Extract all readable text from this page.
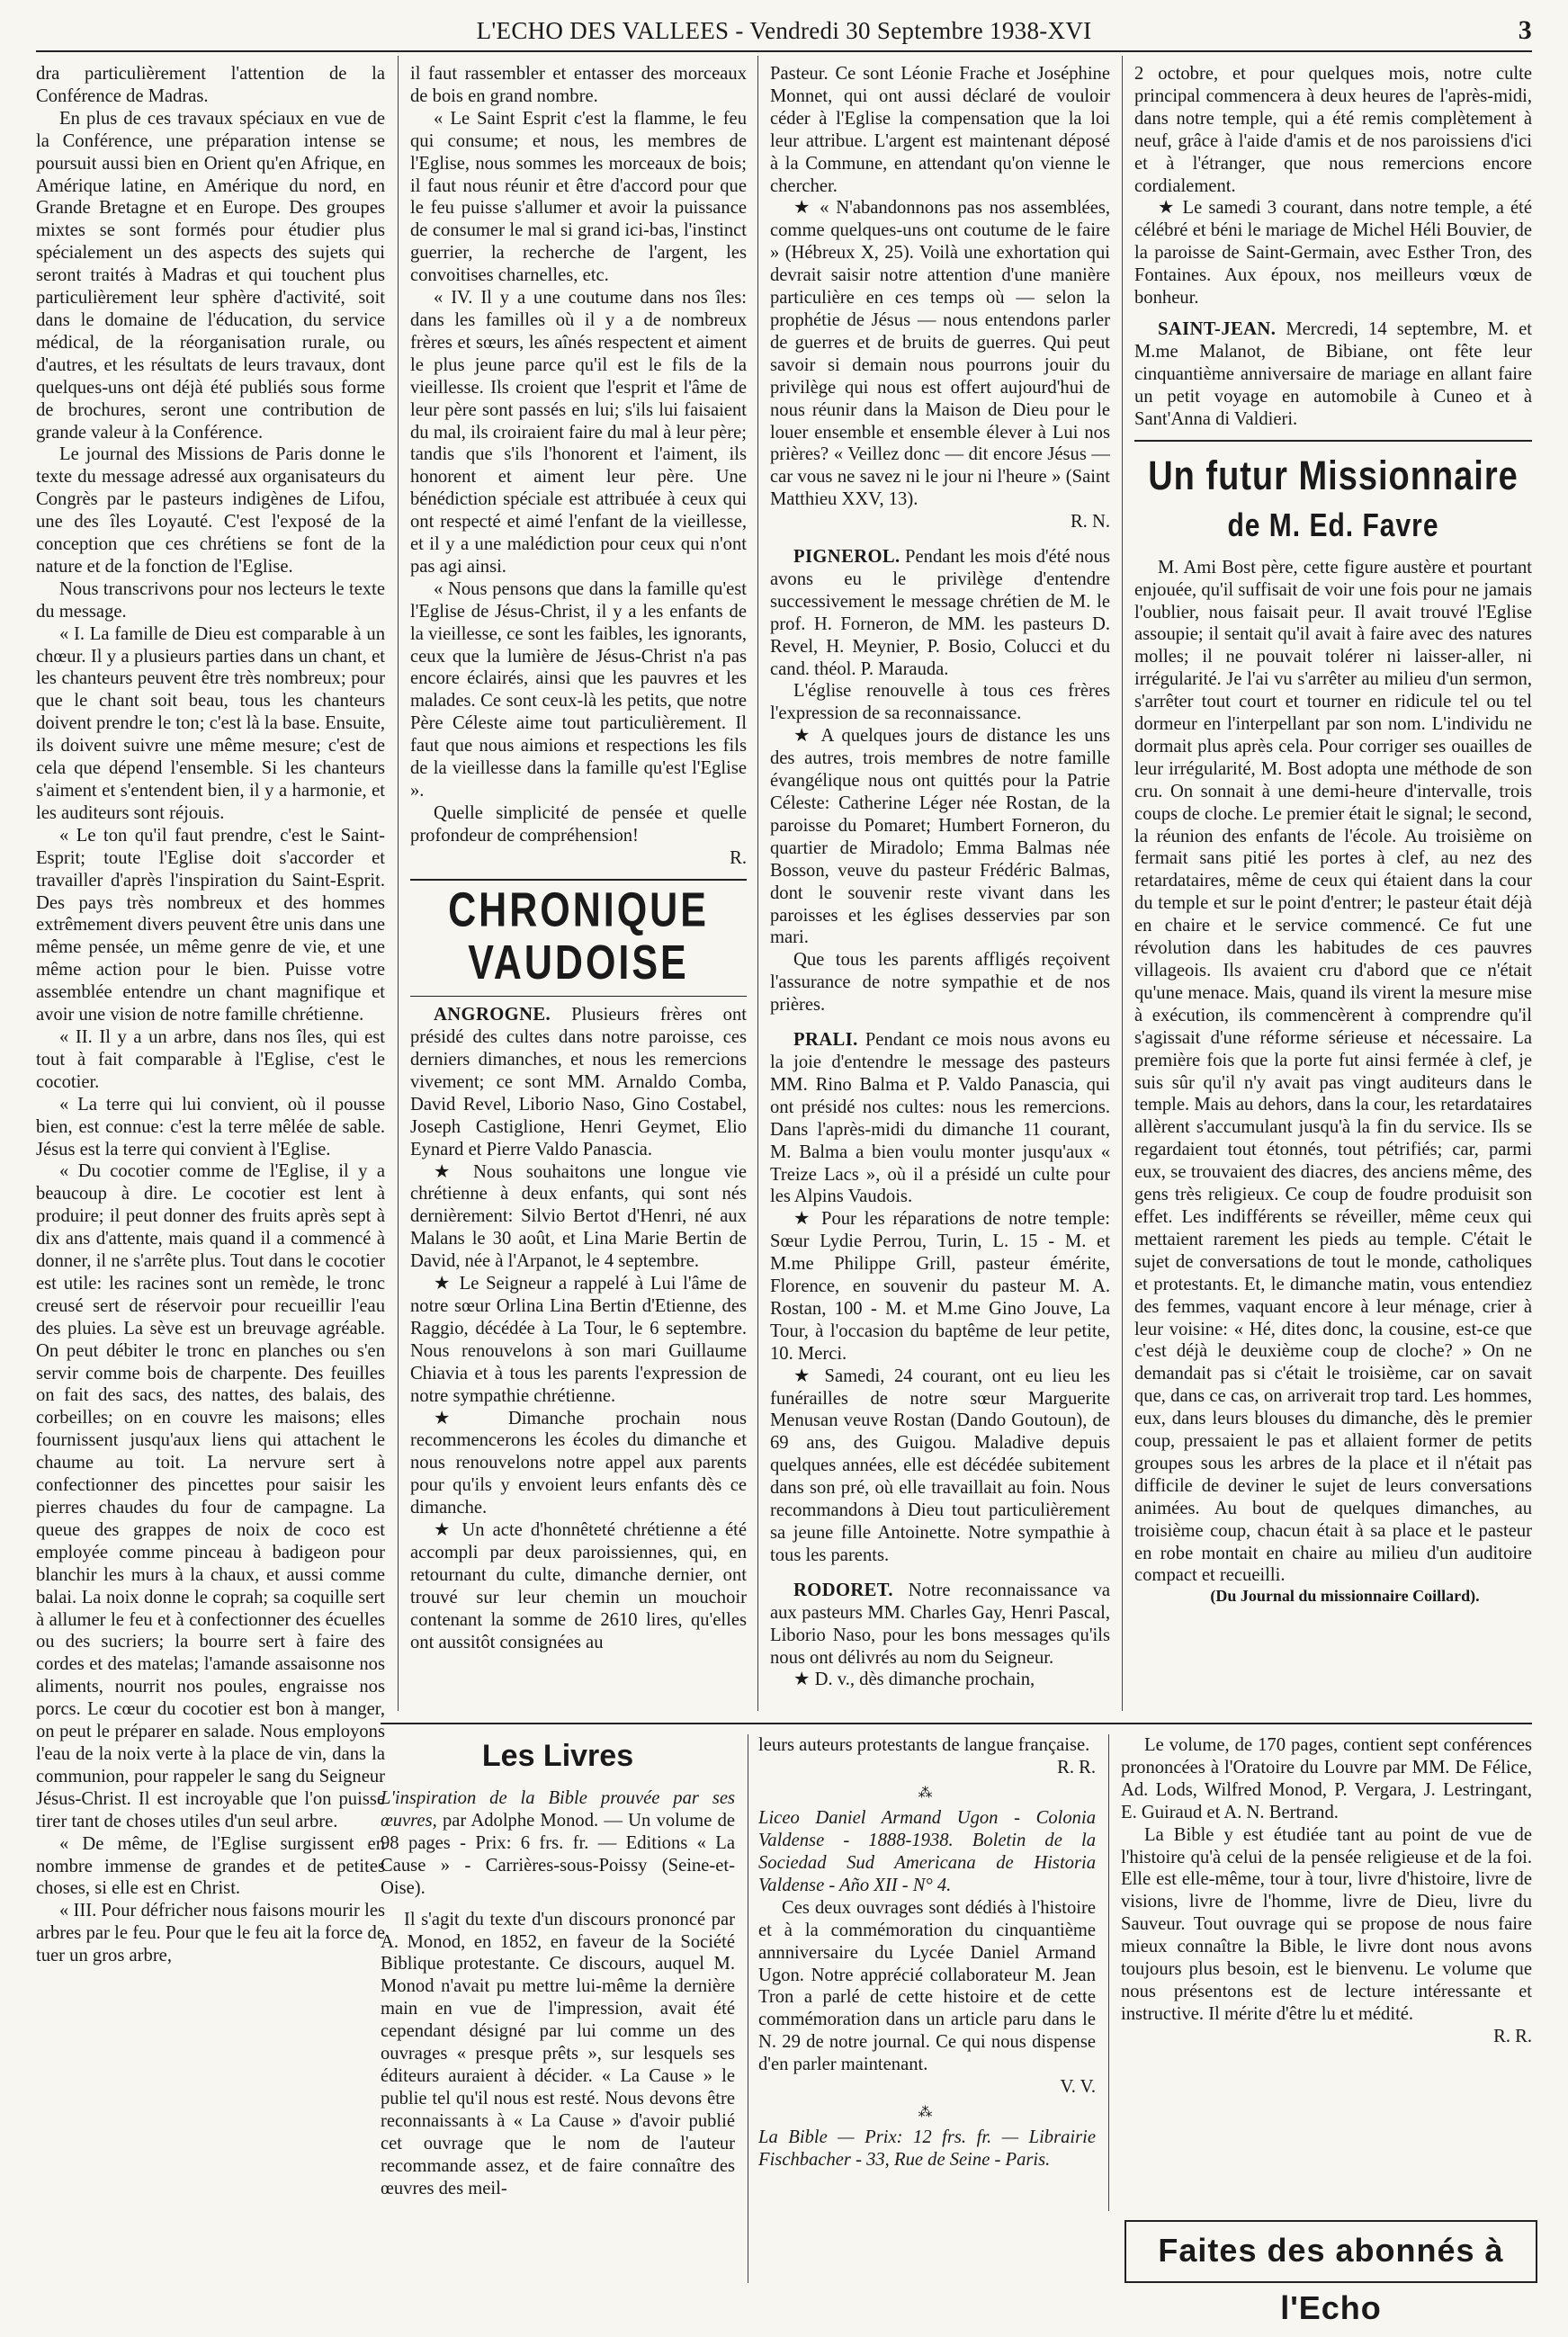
L'ECHO DES VALLEES - Vendredi 30 Septembre 1938-XVI	3

dra particulièrement l'attention de la Conférence de Madras.

En plus de ces travaux spéciaux en vue de la Conférence, une préparation intense se poursuit aussi bien en Orient qu'en Afrique, en Amérique latine, en Amérique du nord, en Grande Bretagne et en Europe. Des groupes mixtes se sont formés pour étudier plus spécialement un des aspects des sujets qui seront traités à Madras et qui touchent plus particulièrement leur sphère d'activité, soit dans le domaine de l'éducation, du service médical, de la réorganisation rurale, ou d'autres, et les résultats de leurs travaux, dont quelques-uns ont déjà été publiés sous forme de brochures, seront une contribution de grande valeur à la Conférence.

Le journal des Missions de Paris donne le texte du message adressé aux organisateurs du Congrès par le pasteurs indigènes de Lifou, une des îles Loyauté. C'est l'exposé de la conception que ces chrétiens se font de la nature et de la fonction de l'Eglise.

Nous transcrivons pour nos lecteurs le texte du message.

« I. La famille de Dieu est comparable à un chœur. Il y a plusieurs parties dans un chant, et les chanteurs peuvent être très nombreux; pour que le chant soit beau, tous les chanteurs doivent prendre le ton; c'est là la base. Ensuite, ils doivent suivre une même mesure; c'est de cela que dépend l'ensemble. Si les chanteurs s'aiment et s'entendent bien, il y a harmonie, et les auditeurs sont réjouis.

« Le ton qu'il faut prendre, c'est le Saint-Esprit; toute l'Eglise doit s'accorder et travailler d'après l'inspiration du Saint-Esprit. Des pays très nombreux et des hommes extrêmement divers peuvent être unis dans une même pensée, un même genre de vie, et une même action pour le bien. Puisse votre assemblée entendre un chant magnifique et avoir une vision de notre famille chrétienne.

« II. Il y a un arbre, dans nos îles, qui est tout à fait comparable à l'Eglise, c'est le cocotier.

« La terre qui lui convient, où il pousse bien, est connue: c'est la terre mêlée de sable. Jésus est la terre qui convient à l'Eglise.

« Du cocotier comme de l'Eglise, il y a beaucoup à dire. Le cocotier est lent à produire; il peut donner des fruits après sept à dix ans d'attente, mais quand il a commencé à donner, il ne s'arrête plus. Tout dans le cocotier est utile: les racines sont un remède, le tronc creusé sert de réservoir pour recueillir l'eau des pluies. La sève est un breuvage agréable. On peut débiter le tronc en planches ou s'en servir comme bois de charpente. Des feuilles on fait des sacs, des nattes, des balais, des corbeilles; on en couvre les maisons; elles fournissent jusqu'aux liens qui attachent le chaume au toit. La nervure sert à confectionner des pincettes pour saisir les pierres chaudes du four de campagne. La queue des grappes de noix de coco est employée comme pinceau à badigeon pour blanchir les murs à la chaux, et aussi comme balai. La noix donne le coprah; sa coquille sert à allumer le feu et à confectionner des écuelles ou des sucriers; la bourre sert à faire des cordes et des matelas; l'amande assaisonne nos aliments, nourrit nos poules, engraisse nos porcs. Le cœur du cocotier est bon à manger, on peut le préparer en salade. Nous employons l'eau de la noix verte à la place de vin, dans la communion, pour rappeler le sang du Seigneur Jésus-Christ. Il est incroyable que l'on puisse tirer tant de choses utiles d'un seul arbre.

« De même, de l'Eglise surgissent en nombre immense de grandes et de petites choses, si elle est en Christ.

« III. Pour défricher nous faisons mourir les arbres par le feu. Pour que le feu ait la force de tuer un gros arbre,

il faut rassembler et entasser des morceaux de bois en grand nombre.

« Le Saint Esprit c'est la flamme, le feu qui consume; et nous, les membres de l'Eglise, nous sommes les morceaux de bois; il faut nous réunir et être d'accord pour que le feu puisse s'allumer et avoir la puissance de consumer le mal si grand ici-bas, l'instinct guerrier, la recherche de l'argent, les convoitises charnelles, etc.

« IV. Il y a une coutume dans nos îles: dans les familles où il y a de nombreux frères et sœurs, les aînés respectent et aiment le plus jeune parce qu'il est le fils de la vieillesse. Ils croient que l'esprit et l'âme de leur père sont passés en lui; s'ils lui faisaient du mal, ils croiraient faire du mal à leur père; tandis que s'ils l'honorent et l'aiment, ils honorent et aiment leur père. Une bénédiction spéciale est attribuée à ceux qui ont respecté et aimé l'enfant de la vieillesse, et il y a une malédiction pour ceux qui n'ont pas agi ainsi.

« Nous pensons que dans la famille qu'est l'Eglise de Jésus-Christ, il y a les enfants de la vieillesse, ce sont les faibles, les ignorants, ceux que la lumière de Jésus-Christ n'a pas encore éclairés, ainsi que les pauvres et les malades. Ce sont ceux-là les petits, que notre Père Céleste aime tout particulièrement. Il faut que nous aimions et respections les fils de la vieillesse dans la famille qu'est l'Eglise ».

Quelle simplicité de pensée et quelle profondeur de compréhension!

R.

CHRONIQUE VAUDOISE

ANGROGNE. Plusieurs frères ont présidé des cultes dans notre paroisse, ces derniers dimanches, et nous les remercions vivement; ce sont MM. Arnaldo Comba, David Revel, Liborio Naso, Gino Costabel, Joseph Castiglione, Henri Geymet, Elio Eynard et Pierre Valdo Panascia.

★ Nous souhaitons une longue vie chrétienne à deux enfants, qui sont nés dernièrement: Silvio Bertot d'Henri, né aux Malans le 30 août, et Lina Marie Bertin de David, née à l'Arpanot, le 4 septembre.

★ Le Seigneur a rappelé à Lui l'âme de notre sœur Orlina Lina Bertin d'Etienne, des Raggio, décédée à La Tour, le 6 septembre. Nous renouvelons à son mari Guillaume Chiavia et à tous les parents l'expression de notre sympathie chrétienne.

★ Dimanche prochain nous recommencerons les écoles du dimanche et nous renouvelons notre appel aux parents pour qu'ils y envoient leurs enfants dès ce dimanche.

★ Un acte d'honnêteté chrétienne a été accompli par deux paroissiennes, qui, en retournant du culte, dimanche dernier, ont trouvé sur leur chemin un mouchoir contenant la somme de 2610 lires, qu'elles ont aussitôt consignées au

Pasteur. Ce sont Léonie Frache et Joséphine Monnet, qui ont aussi déclaré de vouloir céder à l'Eglise la compensation que la loi leur attribue. L'argent est maintenant déposé à la Commune, en attendant qu'on vienne le chercher.

★ « N'abandonnons pas nos assemblées, comme quelques-uns ont coutume de le faire » (Hébreux X, 25). Voilà une exhortation qui devrait saisir notre attention d'une manière particulière en ces temps où — selon la prophétie de Jésus — nous entendons parler de guerres et de bruits de guerres. Qui peut savoir si demain nous pourrons jouir du privilège qui nous est offert aujourd'hui de nous réunir dans la Maison de Dieu pour le louer ensemble et ensemble élever à Lui nos prières? « Veillez donc — dit encore Jésus — car vous ne savez ni le jour ni l'heure » (Saint Matthieu XXV, 13).

R. N.

PIGNEROL. Pendant les mois d'été nous avons eu le privilège d'entendre successivement le message chrétien de M. le prof. H. Forneron, de MM. les pasteurs D. Revel, H. Meynier, P. Bosio, Colucci et du cand. théol. P. Marauda.

L'église renouvelle à tous ces frères l'expression de sa reconnaissance.

★ A quelques jours de distance les uns des autres, trois membres de notre famille évangélique nous ont quittés pour la Patrie Céleste: Catherine Léger née Rostan, de la paroisse du Pomaret; Humbert Forneron, du quartier de Miradolo; Emma Balmas née Bosson, veuve du pasteur Frédéric Balmas, dont le souvenir reste vivant dans les paroisses et les églises desservies par son mari.

Que tous les parents affligés reçoivent l'assurance de notre sympathie et de nos prières.

PRALI. Pendant ce mois nous avons eu la joie d'entendre le message des pasteurs MM. Rino Balma et P. Valdo Panascia, qui ont présidé nos cultes: nous les remercions. Dans l'après-midi du dimanche 11 courant, M. Balma a bien voulu monter jusqu'aux « Treize Lacs », où il a présidé un culte pour les Alpins Vaudois.

★ Pour les réparations de notre temple: Sœur Lydie Perrou, Turin, L. 15 - M. et M.me Philippe Grill, pasteur émérite, Florence, en souvenir du pasteur M. A. Rostan, 100 - M. et M.me Gino Jouve, La Tour, à l'occasion du baptême de leur petite, 10. Merci.

★ Samedi, 24 courant, ont eu lieu les funérailles de notre sœur Marguerite Menusan veuve Rostan (Dando Goutoun), de 69 ans, des Guigou. Maladive depuis quelques années, elle est décédée subitement dans son pré, où elle travaillait au foin. Nous recommandons à Dieu tout particulièrement sa jeune fille Antoinette. Notre sympathie à tous les parents.

RODORET. Notre reconnaissance va aux pasteurs MM. Charles Gay, Henri Pascal, Liborio Naso, pour les bons messages qu'ils nous ont délivrés au nom du Seigneur.

★ D. v., dès dimanche prochain,

2 octobre, et pour quelques mois, notre culte principal commencera à deux heures de l'après-midi, dans notre temple, qui a été remis complètement à neuf, grâce à l'aide d'amis et de nos paroissiens d'ici et à l'étranger, que nous remercions encore cordialement.

★ Le samedi 3 courant, dans notre temple, a été célébré et béni le mariage de Michel Héli Bouvier, de la paroisse de Saint-Germain, avec Esther Tron, des Fontaines. Aux époux, nos meilleurs vœux de bonheur.

SAINT-JEAN. Mercredi, 14 septembre, M. et M.me Malanot, de Bibiane, ont fête leur cinquantième anniversaire de mariage en allant faire un petit voyage en automobile à Cuneo et à Sant'Anna di Valdieri.

Un futur Missionnaire
de M. Ed. Favre

M. Ami Bost père, cette figure austère et pourtant enjouée, qu'il suffisait de voir une fois pour ne jamais l'oublier, nous faisait peur. Il avait trouvé l'Eglise assoupie; il sentait qu'il avait à faire avec des natures molles; il ne pouvait tolérer ni laisser-aller, ni irrégularité. Je l'ai vu s'arrêter au milieu d'un sermon, s'arrêter tout court et tourner en ridicule tel ou tel dormeur en l'interpellant par son nom. L'individu ne dormait plus après cela. Pour corriger ses ouailles de leur irrégularité, M. Bost adopta une méthode de son cru. On sonnait à une demi-heure d'intervalle, trois coups de cloche. Le premier était le signal; le second, la réunion des enfants de l'école. Au troisième on fermait sans pitié les portes à clef, au nez des retardataires, même de ceux qui étaient dans la cour du temple et sur le point d'entrer; le pasteur était déjà en chaire et le service commencé. Ce fut une révolution dans les habitudes de ces pauvres villageois. Ils avaient cru d'abord que ce n'était qu'une menace. Mais, quand ils virent la mesure mise à exécution, ils commencèrent à comprendre qu'il s'agissait d'une réforme sérieuse et nécessaire. La première fois que la porte fut ainsi fermée à clef, je suis sûr qu'il n'y avait pas vingt auditeurs dans le temple. Mais au dehors, dans la cour, les retardataires allèrent s'accumulant jusqu'à la fin du service. Ils se regardaient tout étonnés, tout pétrifiés; car, parmi eux, se trouvaient des diacres, des anciens même, des gens très religieux. Ce coup de foudre produisit son effet. Les indifférents se réveiller, même ceux qui mettaient rarement les pieds au temple. C'était le sujet de conversations de tout le monde, catholiques et protestants. Et, le dimanche matin, vous entendiez des femmes, vaquant encore à leur ménage, crier à leur voisine: « Hé, dites donc, la cousine, est-ce que c'est déjà le deuxième coup de cloche? » On ne demandait pas si c'était le troisième, car on savait que, dans ce cas, on arriverait trop tard. Les hommes, eux, dans leurs blouses du dimanche, dès le premier coup, pressaient le pas et allaient former de petits groupes sous les arbres de la place et il n'était pas difficile de deviner le sujet de leurs conversations animées. Au bout de quelques dimanches, au troisième coup, chacun était à sa place et le pasteur en robe montait en chaire au milieu d'un auditoire compact et recueilli.

(Du Journal du missionnaire Coillard).

Les Livres

L'inspiration de la Bible prouvée par ses œuvres, par Adolphe Monod. — Un volume de 98 pages - Prix: 6 frs. fr. — Editions « La Cause » - Carrières-sous-Poissy (Seine-et-Oise).

Il s'agit du texte d'un discours prononcé par A. Monod, en 1852, en faveur de la Société Biblique protestante. Ce discours, auquel M. Monod n'avait pu mettre lui-même la dernière main en vue de l'impression, avait été cependant désigné par lui comme un des ouvrages « presque prêts », sur lesquels ses éditeurs auraient à décider. « La Cause » le publie tel qu'il nous est resté. Nous devons être reconnaissants à « La Cause » d'avoir publié cet ouvrage que le nom de l'auteur recommande assez, et de faire connaître des œuvres des meil-

leurs auteurs protestants de langue française.

R. R.

⁂

Liceo Daniel Armand Ugon - Colonia Valdense - 1888-1938. Boletin de la Sociedad Sud Americana de Historia Valdense - Año XII - N° 4.

Ces deux ouvrages sont dédiés à l'histoire et à la commémoration du cinquantième annniversaire du Lycée Daniel Armand Ugon. Notre apprécié collaborateur M. Jean Tron a parlé de cette histoire et de cette commémoration dans un article paru dans le N. 29 de notre journal. Ce qui nous dispense d'en parler maintenant.

V. V.

⁂

La Bible — Prix: 12 frs. fr. — Librairie Fischbacher - 33, Rue de Seine - Paris.

Le volume, de 170 pages, contient sept conférences prononcées à l'Oratoire du Louvre par MM. De Félice, Ad. Lods, Wilfred Monod, P. Vergara, J. Lestringant, E. Guiraud et A. N. Bertrand.

La Bible y est étudiée tant au point de vue de l'histoire qu'à celui de la pensée religieuse et de la foi. Elle est elle-même, tour à tour, livre d'histoire, livre de visions, livre de l'homme, livre de Dieu, livre du Sauveur. Tout ouvrage qui se propose de nous faire mieux connaître la Bible, le livre dont nous avons toujours plus besoin, est le bienvenu. Le volume que nous présentons est de lecture intéressante et instructive. Il mérite d'être lu et médité.

R. R.

Faites des abonnés à l'Echo
